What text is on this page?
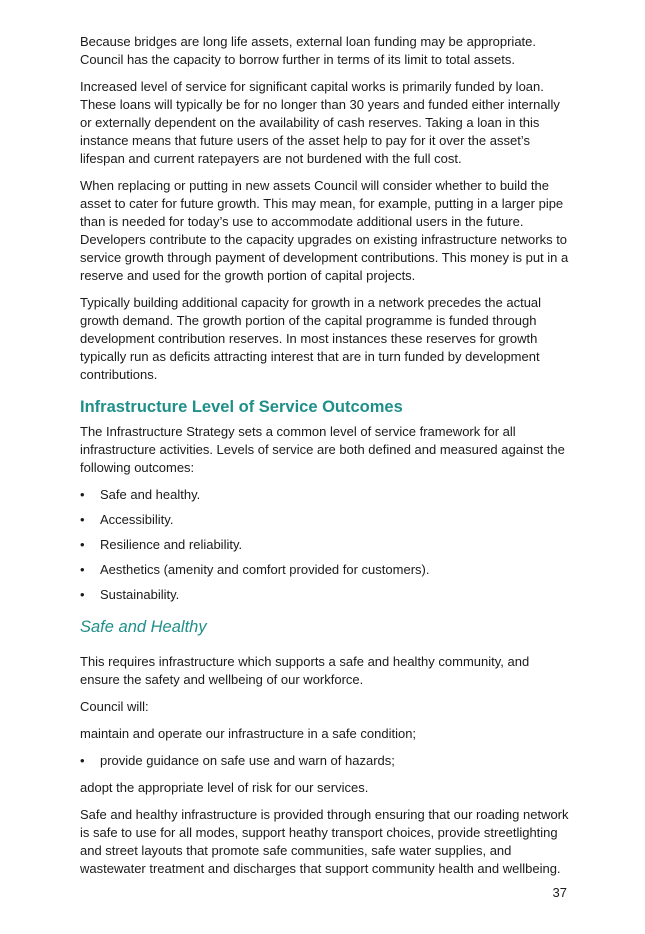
Because bridges are long life assets, external loan funding may be appropriate. Council has the capacity to borrow further in terms of its limit to total assets.

Increased level of service for significant capital works is primarily funded by loan. These loans will typically be for no longer than 30 years and funded either internally or externally dependent on the availability of cash reserves. Taking a loan in this instance means that future users of the asset help to pay for it over the asset’s lifespan and current ratepayers are not burdened with the full cost.

When replacing or putting in new assets Council will consider whether to build the asset to cater for future growth. This may mean, for example, putting in a larger pipe than is needed for today’s use to accommodate additional users in the future. Developers contribute to the capacity upgrades on existing infrastructure networks to service growth through payment of development contributions. This money is put in a reserve and used for the growth portion of capital projects.

Typically building additional capacity for growth in a network precedes the actual growth demand. The growth portion of the capital programme is funded through development contribution reserves. In most instances these reserves for growth typically run as deficits attracting interest that are in turn funded by development contributions.

Infrastructure Level of Service Outcomes

The Infrastructure Strategy sets a common level of service framework for all infrastructure activities. Levels of service are both defined and measured against the following outcomes:

• Safe and healthy.
• Accessibility.
• Resilience and reliability.
• Aesthetics (amenity and comfort provided for customers).
• Sustainability.
Safe and Healthy

This requires infrastructure which supports a safe and healthy community, and ensure the safety and wellbeing of our workforce.

Council will:

maintain and operate our infrastructure in a safe condition;

• provide guidance on safe use and warn of hazards;

adopt the appropriate level of risk for our services.

Safe and healthy infrastructure is provided through ensuring that our roading network is safe to use for all modes, support heathy transport choices, provide streetlighting and street layouts that promote safe communities, safe water supplies, and wastewater treatment and discharges that support community health and wellbeing.

37
